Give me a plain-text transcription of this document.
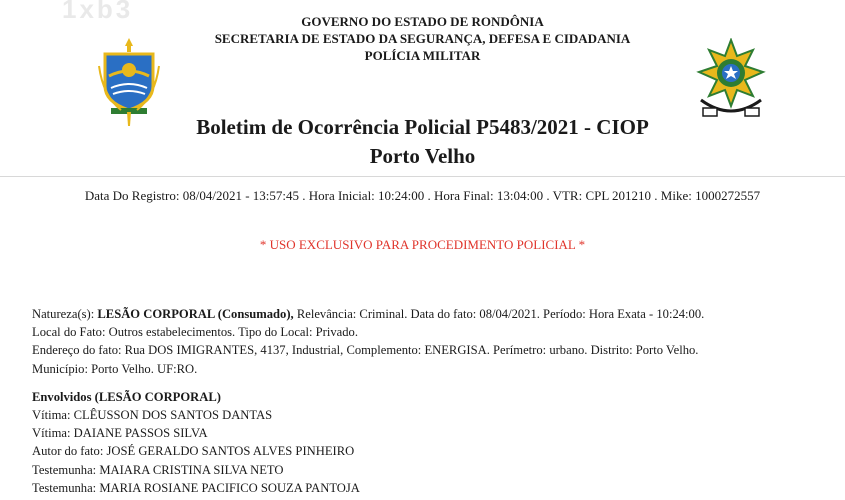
1xb3	GOVERNO DO ESTADO DE RONDÔNIA
SECRETARIA DE ESTADO DA SEGURANÇA, DEFESA E CIDADANIA
POLÍCIA MILITAR
Boletim de Ocorrência Policial P5483/2021 - CIOP
Porto Velho
Data Do Registro: 08/04/2021 - 13:57:45 . Hora Inicial: 10:24:00 . Hora Final: 13:04:00 . VTR: CPL 201210 . Mike: 1000272557
* USO EXCLUSIVO PARA PROCEDIMENTO POLICIAL *
Natureza(s): LESÃO CORPORAL (Consumado), Relevância: Criminal. Data do fato: 08/04/2021. Período: Hora Exata - 10:24:00.
Local do Fato: Outros estabelecimentos. Tipo do Local: Privado.
Endereço do fato: Rua DOS IMIGRANTES, 4137, Industrial, Complemento: ENERGISA. Perímetro: urbano. Distrito: Porto Velho.
Município: Porto Velho. UF:RO.
Envolvidos (LESÃO CORPORAL)
Vítima: CLÊUSSON DOS SANTOS DANTAS
Vítima: DAIANE PASSOS SILVA
Autor do fato: JOSÉ GERALDO SANTOS ALVES PINHEIRO
Testemunha: MAIARA CRISTINA SILVA NETO
Testemunha: MARIA ROSIANE PACIFICO SOUZA PANTOJA
